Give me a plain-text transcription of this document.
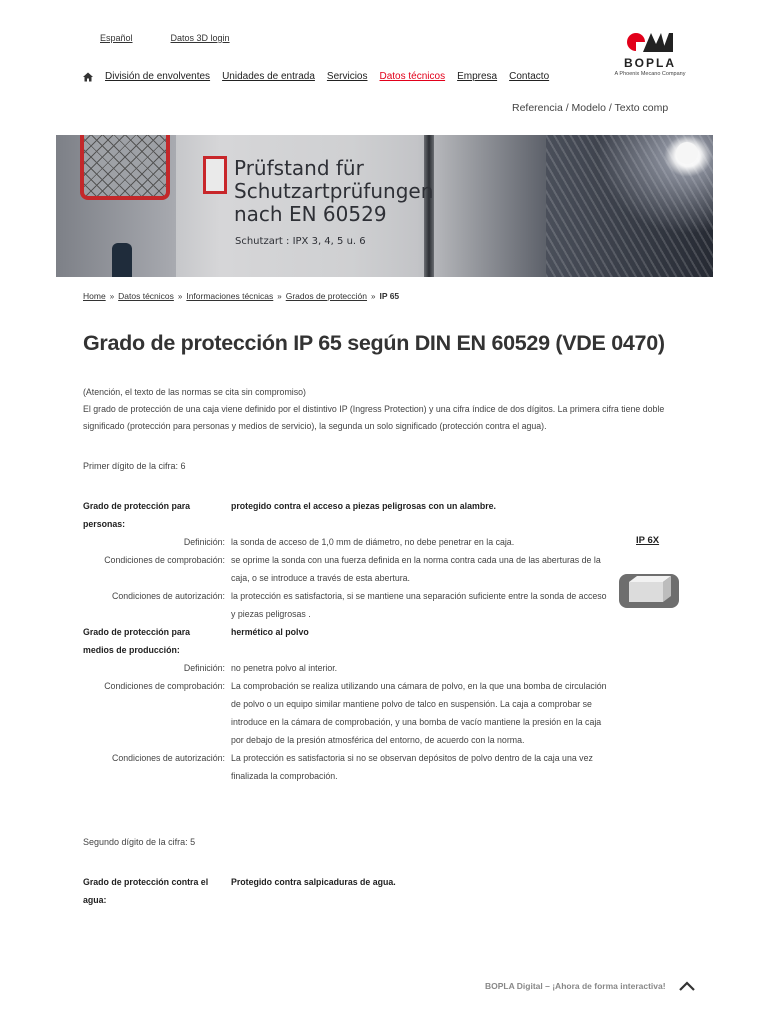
Español	Datos 3D login
BOPLA
A Phoenix Mecano Company
División de envolventes Unidades de entrada Servicios Datos técnicos Empresa Contacto
Referencia / Modelo / Texto comp
Prüfstand für
Schutzartprüfungen
nach EN 60529
Schutzart : IPX 3, 4, 5 u. 6
Home » Datos técnicos » Informaciones técnicas » Grados de protección » IP 65
Grado de protección IP 65 según DIN EN 60529 (VDE 0470)
(Atención, el texto de las normas se cita sin compromiso)
El grado de protección de una caja viene definido por el distintivo IP (Ingress Protection) y una cifra índice de dos dígitos. La primera cifra tiene doble significado (protección para personas y medios de servicio), la segunda un solo significado (protección contra el agua).
Primer dígito de la cifra: 6
Grado de protección para personas:
protegido contra el acceso a piezas peligrosas con un alambre.
Definición: la sonda de acceso de 1,0 mm de diámetro, no debe penetrar en la caja.
Condiciones de comprobación: se oprime la sonda con una fuerza definida en la norma contra cada una de las aberturas de la caja, o se introduce a través de esta abertura.
Condiciones de autorización: la protección es satisfactoria, si se mantiene una separación suficiente entre la sonda de acceso y piezas peligrosas .
Grado de protección para medios de producción:
hermético al polvo
Definición: no penetra polvo al interior.
Condiciones de comprobación: La comprobación se realiza utilizando una cámara de polvo, en la que una bomba de circulación de polvo o un equipo similar mantiene polvo de talco en suspensión. La caja a comprobar se introduce en la cámara de comprobación, y una bomba de vacío mantiene la presión en la caja por debajo de la presión atmosférica del entorno, de acuerdo con la norma.
Condiciones de autorización: La protección es satisfactoria si no se observan depósitos de polvo dentro de la caja una vez finalizada la comprobación.
IP 6X
Segundo dígito de la cifra: 5
Grado de protección contra el agua:
Protegido contra salpicaduras de agua.
BOPLA Digital – ¡Ahora de forma interactiva!
